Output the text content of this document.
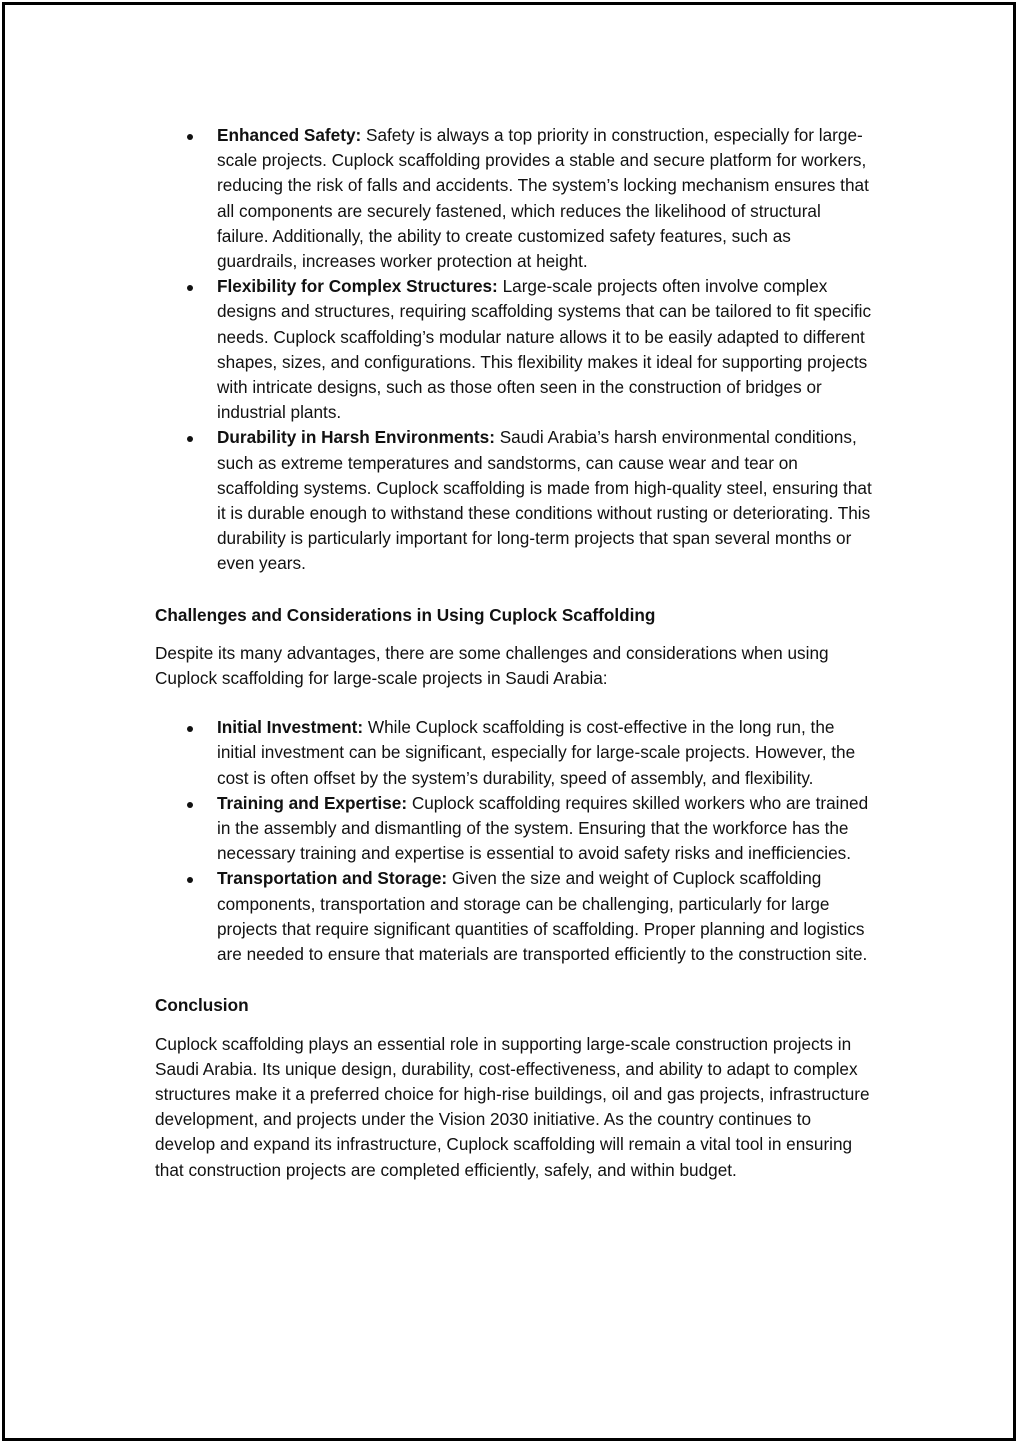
Enhanced Safety: Safety is always a top priority in construction, especially for large-scale projects. Cuplock scaffolding provides a stable and secure platform for workers, reducing the risk of falls and accidents. The system’s locking mechanism ensures that all components are securely fastened, which reduces the likelihood of structural failure. Additionally, the ability to create customized safety features, such as guardrails, increases worker protection at height.
Flexibility for Complex Structures: Large-scale projects often involve complex designs and structures, requiring scaffolding systems that can be tailored to fit specific needs. Cuplock scaffolding’s modular nature allows it to be easily adapted to different shapes, sizes, and configurations. This flexibility makes it ideal for supporting projects with intricate designs, such as those often seen in the construction of bridges or industrial plants.
Durability in Harsh Environments: Saudi Arabia’s harsh environmental conditions, such as extreme temperatures and sandstorms, can cause wear and tear on scaffolding systems. Cuplock scaffolding is made from high-quality steel, ensuring that it is durable enough to withstand these conditions without rusting or deteriorating. This durability is particularly important for long-term projects that span several months or even years.

Challenges and Considerations in Using Cuplock Scaffolding

Despite its many advantages, there are some challenges and considerations when using Cuplock scaffolding for large-scale projects in Saudi Arabia:

Initial Investment: While Cuplock scaffolding is cost-effective in the long run, the initial investment can be significant, especially for large-scale projects. However, the cost is often offset by the system’s durability, speed of assembly, and flexibility.
Training and Expertise: Cuplock scaffolding requires skilled workers who are trained in the assembly and dismantling of the system. Ensuring that the workforce has the necessary training and expertise is essential to avoid safety risks and inefficiencies.
Transportation and Storage: Given the size and weight of Cuplock scaffolding components, transportation and storage can be challenging, particularly for large projects that require significant quantities of scaffolding. Proper planning and logistics are needed to ensure that materials are transported efficiently to the construction site.

Conclusion

Cuplock scaffolding plays an essential role in supporting large-scale construction projects in Saudi Arabia. Its unique design, durability, cost-effectiveness, and ability to adapt to complex structures make it a preferred choice for high-rise buildings, oil and gas projects, infrastructure development, and projects under the Vision 2030 initiative. As the country continues to develop and expand its infrastructure, Cuplock scaffolding will remain a vital tool in ensuring that construction projects are completed efficiently, safely, and within budget.
